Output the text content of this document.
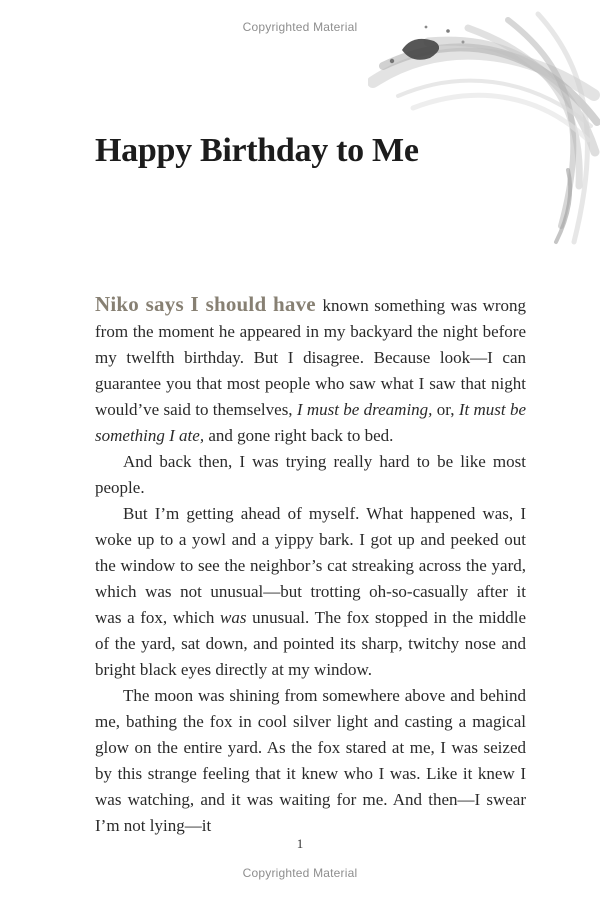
Copyrighted Material
Happy Birthday to Me

Niko says I should have known something was wrong from the moment he appeared in my backyard the night before my twelfth birthday. But I disagree. Because look—I can guarantee you that most people who saw what I saw that night would’ve said to themselves, I must be dreaming, or, It must be something I ate, and gone right back to bed.

And back then, I was trying really hard to be like most people.

But I’m getting ahead of myself. What happened was, I woke up to a yowl and a yippy bark. I got up and peeked out the window to see the neighbor’s cat streaking across the yard, which was not unusual—but trotting oh-so-casually after it was a fox, which was unusual. The fox stopped in the middle of the yard, sat down, and pointed its sharp, twitchy nose and bright black eyes directly at my window.

The moon was shining from somewhere above and behind me, bathing the fox in cool silver light and casting a magical glow on the entire yard. As the fox stared at me, I was seized by this strange feeling that it knew who I was. Like it knew I was watching, and it was waiting for me. And then—I swear I’m not lying—it

1
Copyrighted Material
